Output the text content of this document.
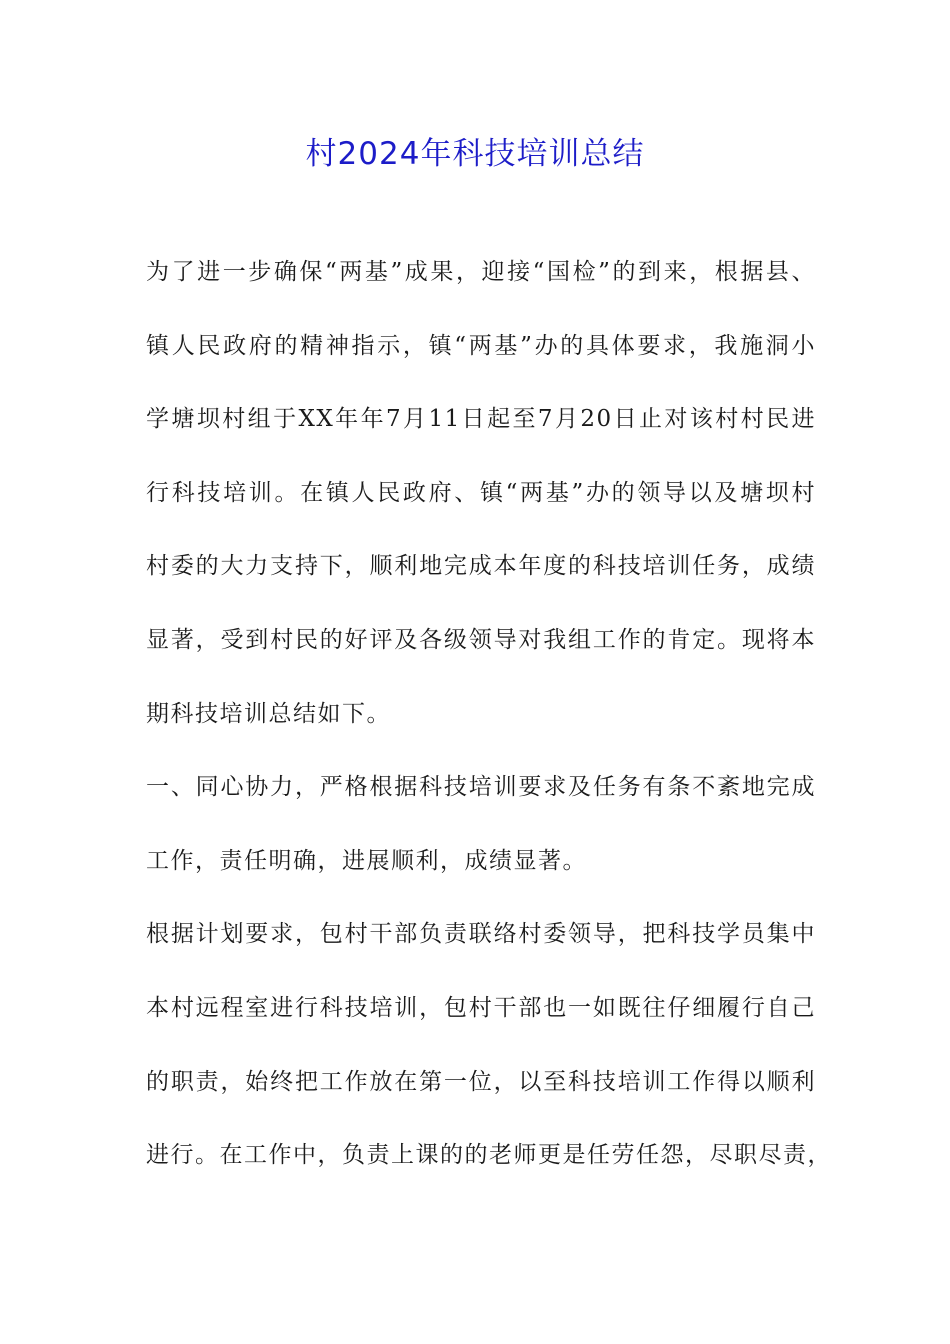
村2024年科技培训总结
为了进一步确保“两基”成果，迎接“国检”的到来，根据县、
镇人民政府的精神指示，镇“两基”办的具体要求，我施洞小
学塘坝村组于XX年年7月11日起至7月20日止对该村村民进
行科技培训。在镇人民政府、镇“两基”办的领导以及塘坝村
村委的大力支持下，顺利地完成本年度的科技培训任务，成绩
显著，受到村民的好评及各级领导对我组工作的肯定。现将本
期科技培训总结如下。
一、同心协力，严格根据科技培训要求及任务有条不紊地完成
工作，责任明确，进展顺利，成绩显著。
根据计划要求，包村干部负责联络村委领导，把科技学员集中
本村远程室进行科技培训，包村干部也一如既往仔细履行自己
的职责，始终把工作放在第一位，以至科技培训工作得以顺利
进行。在工作中，负责上课的的老师更是任劳任怨，尽职尽责，
